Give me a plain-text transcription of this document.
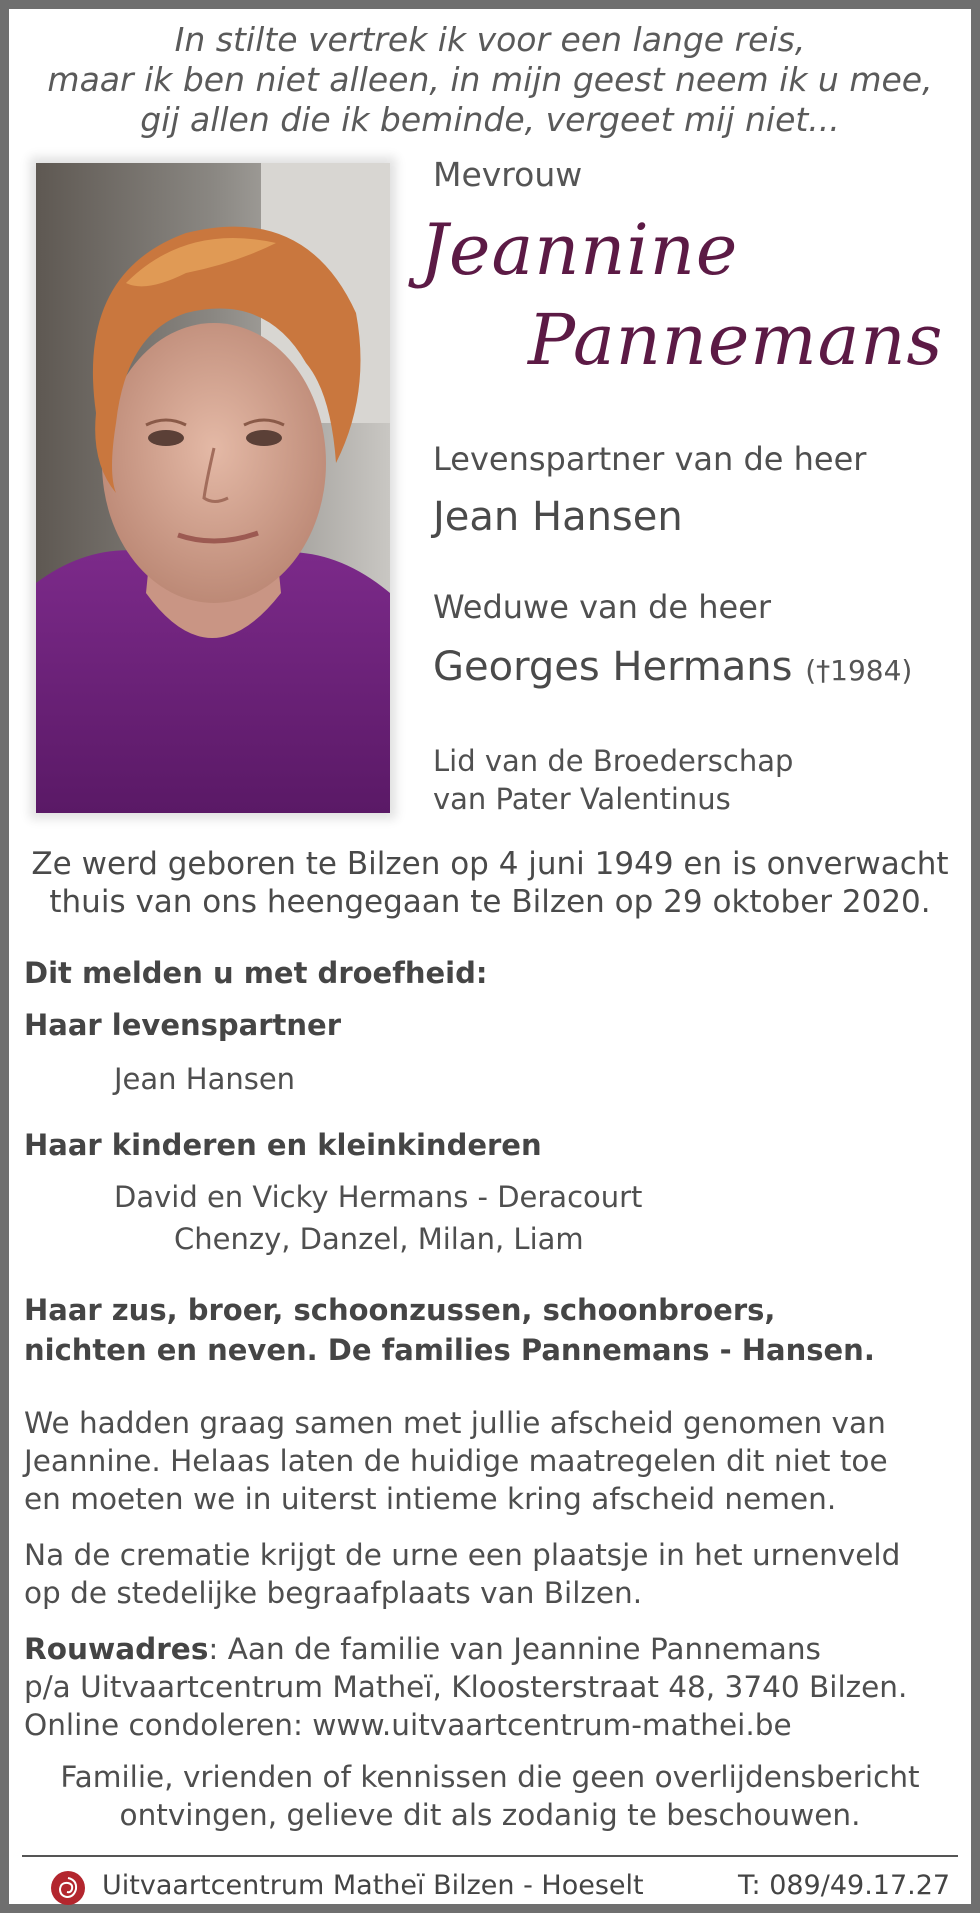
In stilte vertrek ik voor een lange reis,
maar ik ben niet alleen, in mijn geest neem ik u mee,
gij allen die ik beminde, vergeet mij niet...
Mevrouw
Jeannine
Pannemans
Levenspartner van de heer
Jean Hansen
Weduwe van de heer
Georges Hermans (†1984)
Lid van de Broederschap
van Pater Valentinus
Ze werd geboren te Bilzen op 4 juni 1949 en is onverwacht
thuis van ons heengegaan te Bilzen op 29 oktober 2020.
Dit melden u met droefheid:
Haar levenspartner
Jean Hansen
Haar kinderen en kleinkinderen
David en Vicky Hermans - Deracourt
Chenzy, Danzel, Milan, Liam
Haar zus, broer, schoonzussen, schoonbroers,
nichten en neven. De families Pannemans - Hansen.
We hadden graag samen met jullie afscheid genomen van
Jeannine. Helaas laten de huidige maatregelen dit niet toe
en moeten we in uiterst intieme kring afscheid nemen.
Na de crematie krijgt de urne een plaatsje in het urnenveld
op de stedelijke begraafplaats van Bilzen.
Rouwadres: Aan de familie van Jeannine Pannemans
p/a Uitvaartcentrum Matheï, Kloosterstraat 48, 3740 Bilzen.
Online condoleren: www.uitvaartcentrum-mathei.be
Familie, vrienden of kennissen die geen overlijdensbericht
ontvingen, gelieve dit als zodanig te beschouwen.
Uitvaartcentrum Matheï Bilzen - Hoeselt	T: 089/49.17.27
